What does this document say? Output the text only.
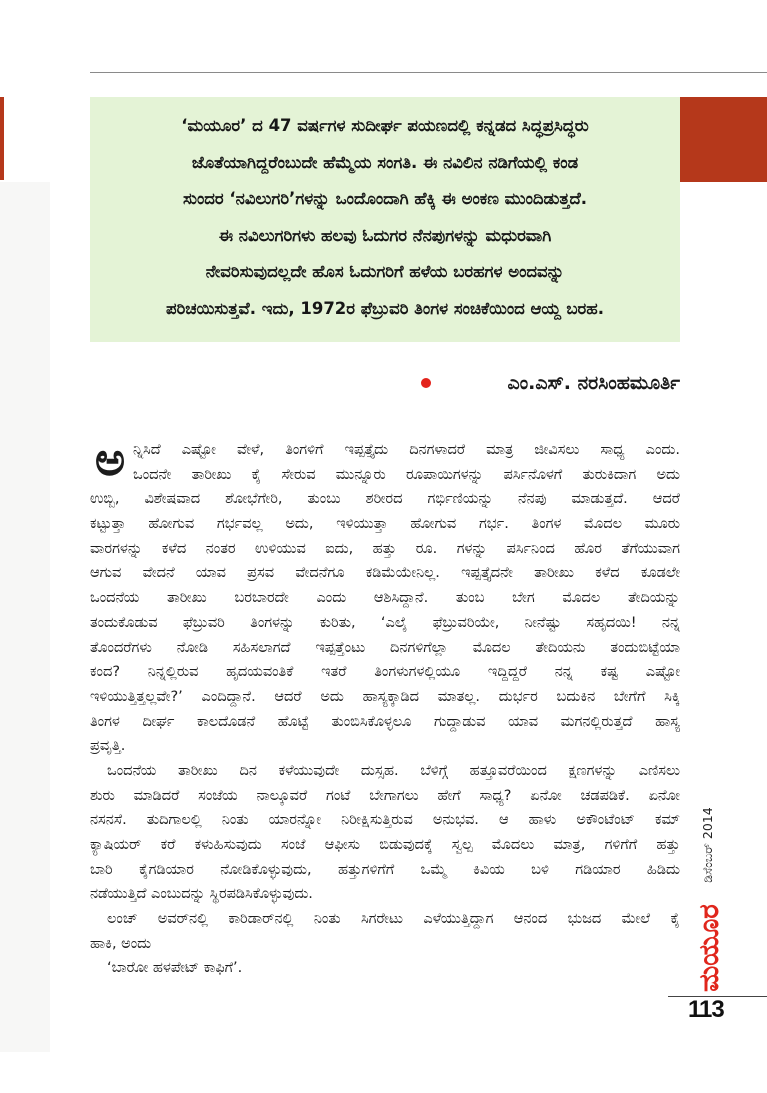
‘ಮಯೂರ’ ದ 47 ವರ್ಷಗಳ ಸುದೀರ್ಘ ಪಯಣದಲ್ಲಿ ಕನ್ನಡದ ಸಿದ್ಧಪ್ರಸಿದ್ಧರು
ಜೊತೆಯಾಗಿದ್ದರೆಂಬುದೇ ಹೆಮ್ಮೆಯ ಸಂಗತಿ. ಈ ನವಿಲಿನ ನಡಿಗೆಯಲ್ಲಿ ಕಂಡ
ಸುಂದರ ‘ನವಿಲುಗರಿ’ಗಳನ್ನು ಒಂದೊಂದಾಗಿ ಹೆಕ್ಕಿ ಈ ಅಂಕಣ ಮುಂದಿಡುತ್ತದೆ.
ಈ ನವಿಲುಗರಿಗಳು ಹಲವು ಓದುಗರ ನೆನಪುಗಳನ್ನು ಮಧುರವಾಗಿ
ನೇವರಿಸುವುದಲ್ಲದೇ ಹೊಸ ಓದುಗರಿಗೆ ಹಳೆಯ ಬರಹಗಳ ಅಂದವನ್ನು
ಪರಿಚಯಿಸುತ್ತವೆ. ಇದು, 1972ರ ಫೆಬ್ರುವರಿ ತಿಂಗಳ ಸಂಚಿಕೆಯಿಂದ ಆಯ್ದ ಬರಹ.
ಎಂ.ಎಸ್. ನರಸಿಂಹಮೂರ್ತಿ
ಅ ನ್ನಿಸಿದೆ ಎಷ್ಟೋ ವೇಳೆ, ತಿಂಗಳಿಗೆ ಇಪ್ಪತ್ತೈದು ದಿನಗಳಾದರೆ ಮಾತ್ರ ಜೀವಿಸಲು ಸಾಧ್ಯ ಎಂದು.
ಒಂದನೇ ತಾರೀಖು ಕೈ ಸೇರುವ ಮುನ್ನೂರು ರೂಪಾಯಿಗಳನ್ನು ಪರ್ಸಿನೊಳಗೆ ತುರುಕಿದಾಗ ಅದು
ಉಬ್ಬಿ, ವಿಶೇಷವಾದ ಶೋಭೆಗೇರಿ, ತುಂಬು ಶರೀರದ ಗರ್ಭಿಣಿಯನ್ನು ನೆನಪು ಮಾಡುತ್ತದೆ. ಆದರೆ
ಕಟ್ಟುತ್ತಾ ಹೋಗುವ ಗರ್ಭವಲ್ಲ ಅದು, ಇಳಿಯುತ್ತಾ ಹೋಗುವ ಗರ್ಭ. ತಿಂಗಳ ಮೊದಲ ಮೂರು
ವಾರಗಳನ್ನು ಕಳೆದ ನಂತರ ಉಳಿಯುವ ಐದು, ಹತ್ತು ರೂ. ಗಳನ್ನು ಪರ್ಸಿನಿಂದ ಹೊರ ತೆಗೆಯುವಾಗ
ಆಗುವ ವೇದನೆ ಯಾವ ಪ್ರಸವ ವೇದನೆಗೂ ಕಡಿಮೆಯೇನಿಲ್ಲ. ಇಪ್ಪತ್ತೈದನೇ ತಾರೀಖು ಕಳೆದ ಕೂಡಲೇ
ಒಂದನೆಯ ತಾರೀಖು ಬರಬಾರದೇ ಎಂದು ಆಶಿಸಿದ್ದಾನೆ. ತುಂಬ ಬೇಗ ಮೊದಲ ತೇದಿಯನ್ನು
ತಂದುಕೊಡುವ ಫೆಬ್ರುವರಿ ತಿಂಗಳನ್ನು ಕುರಿತು, ‘ಎಲೈ ಫೆಬ್ರುವರಿಯೇ, ನೀನೆಷ್ಟು ಸಹೃದಯಿ! ನನ್ನ
ತೊಂದರೆಗಳು ನೋಡಿ ಸಹಿಸಲಾಗದೆ ಇಪ್ಪತ್ತೆಂಟು ದಿನಗಳಿಗೆಲ್ಲಾ ಮೊದಲ ತೇದಿಯನು ತಂದುಬಿಟ್ಟೆಯಾ
ಕಂದ? ನಿನ್ನಲ್ಲಿರುವ ಹೃದಯವಂತಿಕೆ ಇತರೆ ತಿಂಗಳುಗಳಲ್ಲಿಯೂ ಇದ್ದಿದ್ದರೆ ನನ್ನ ಕಷ್ಟ ಎಷ್ಟೋ
ಇಳಿಯುತ್ತಿತ್ತಲ್ಲವೇ?’ ಎಂದಿದ್ದಾನೆ. ಆದರೆ ಅದು ಹಾಸ್ಯಕ್ಕಾಡಿದ ಮಾತಲ್ಲ. ದುರ್ಭರ ಬದುಕಿನ ಬೇಗೆಗೆ ಸಿಕ್ಕಿ
ತಿಂಗಳ ದೀರ್ಘ ಕಾಲದೊಡನೆ ಹೊಟ್ಟೆ ತುಂಬಿಸಿಕೊಳ್ಳಲೂ ಗುದ್ದಾಡುವ ಯಾವ ಮಗನಲ್ಲಿರುತ್ತದೆ ಹಾಸ್ಯ
ಪ್ರವೃತ್ತಿ.
ಒಂದನೆಯ ತಾರೀಖು ದಿನ ಕಳೆಯುವುದೇ ದುಸ್ಸಹ. ಬೆಳಿಗ್ಗೆ ಹತ್ತೂವರೆಯಿಂದ ಕ್ಷಣಗಳನ್ನು ಎಣಿಸಲು
ಶುರು ಮಾಡಿದರೆ ಸಂಜೆಯ ನಾಲ್ಕೂವರೆ ಗಂಟೆ ಬೇಗಾಗಲು ಹೇಗೆ ಸಾಧ್ಯ? ಏನೋ ಚಡಪಡಿಕೆ. ಏನೋ
ನಸನಸೆ. ತುದಿಗಾಲಲ್ಲಿ ನಿಂತು ಯಾರನ್ನೋ ನಿರೀಕ್ಷಿಸುತ್ತಿರುವ ಅನುಭವ. ಆ ಹಾಳು ಅಕೌಂಟೆಂಟ್ ಕಮ್
ಕ್ಯಾಷಿಯರ್ ಕರೆ ಕಳುಹಿಸುವುದು ಸಂಜೆ ಆಫೀಸು ಬಿಡುವುದಕ್ಕೆ ಸ್ವಲ್ಪ ಮೊದಲು ಮಾತ್ರ, ಗಳಿಗೆಗೆ ಹತ್ತು
ಬಾರಿ ಕೈಗಡಿಯಾರ ನೋಡಿಕೊಳ್ಳುವುದು, ಹತ್ತುಗಳಿಗೆಗೆ ಒಮ್ಮೆ ಕಿವಿಯ ಬಳಿ ಗಡಿಯಾರ ಹಿಡಿದು
ನಡೆಯುತ್ತಿದೆ ಎಂಬುದನ್ನು ಸ್ಥಿರಪಡಿಸಿಕೊಳ್ಳುವುದು.
ಲಂಚ್ ಅವರ್‌ನಲ್ಲಿ ಕಾರಿಡಾರ್‌ನಲ್ಲಿ ನಿಂತು ಸಿಗರೇಟು ಎಳೆಯುತ್ತಿದ್ದಾಗ ಆನಂದ ಭುಜದ ಮೇಲೆ ಕೈ
ಹಾಕಿ, ಅಂದು
‘ಬಾರೋ ಹಳಪೇಟ್ ಕಾಫಿಗೆ’.
ಡಿಸೆಂಬರ್ 2014
ಮಯೂರ
113
